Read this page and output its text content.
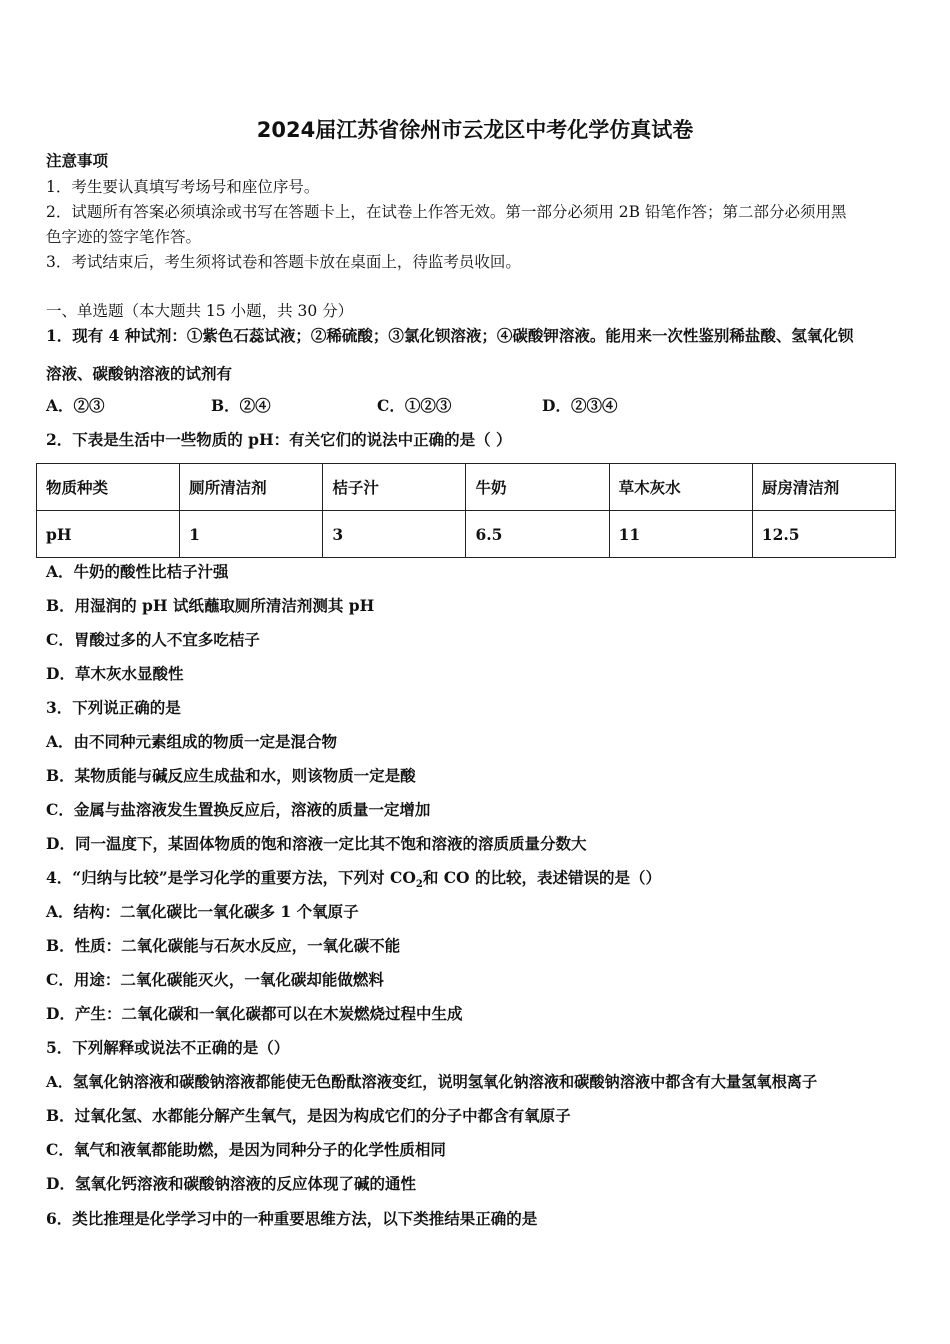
2024届江苏省徐州市云龙区中考化学仿真试卷
注意事项
1．考生要认真填写考场号和座位序号。
2．试题所有答案必须填涂或书写在答题卡上，在试卷上作答无效。第一部分必须用 2B 铅笔作答；第二部分必须用黑
色字迹的签字笔作答。
3．考试结束后，考生须将试卷和答题卡放在桌面上，待监考员收回。
一、单选题（本大题共 15 小题，共 30 分）
1．现有 4 种试剂：①紫色石蕊试液；②稀硫酸；③氯化钡溶液；④碳酸钾溶液。能用来一次性鉴别稀盐酸、氢氧化钡
溶液、碳酸钠溶液的试剂有
A．②③	B．②④	C．①②③	D．②③④
2．下表是生活中一些物质的 pH：有关它们的说法中正确的是（ ）
物质种类	厕所清洁剂	桔子汁	牛奶	草木灰水	厨房清洁剂
pH	1	3	6.5	11	12.5
A．牛奶的酸性比桔子汁强
B．用湿润的 pH 试纸蘸取厕所清洁剂测其 pH
C．胃酸过多的人不宜多吃桔子
D．草木灰水显酸性
3．下列说正确的是
A．由不同种元素组成的物质一定是混合物
B．某物质能与碱反应生成盐和水，则该物质一定是酸
C．金属与盐溶液发生置换反应后，溶液的质量一定增加
D．同一温度下，某固体物质的饱和溶液一定比其不饱和溶液的溶质质量分数大
4．“归纳与比较”是学习化学的重要方法，下列对 $CO_2$和 CO 的比较，表述错误的是（）
A．结构：二氧化碳比一氧化碳多 1 个氧原子
B．性质：二氧化碳能与石灰水反应，一氧化碳不能
C．用途：二氧化碳能灭火，一氧化碳却能做燃料
D．产生：二氧化碳和一氧化碳都可以在木炭燃烧过程中生成
5．下列解释或说法不正确的是（）
A．氢氧化钠溶液和碳酸钠溶液都能使无色酚酞溶液变红，说明氢氧化钠溶液和碳酸钠溶液中都含有大量氢氧根离子
B．过氧化氢、水都能分解产生氧气，是因为构成它们的分子中都含有氧原子
C．氧气和液氧都能助燃，是因为同种分子的化学性质相同
D．氢氧化钙溶液和碳酸钠溶液的反应体现了碱的通性
6．类比推理是化学学习中的一种重要思维方法，以下类推结果正确的是
